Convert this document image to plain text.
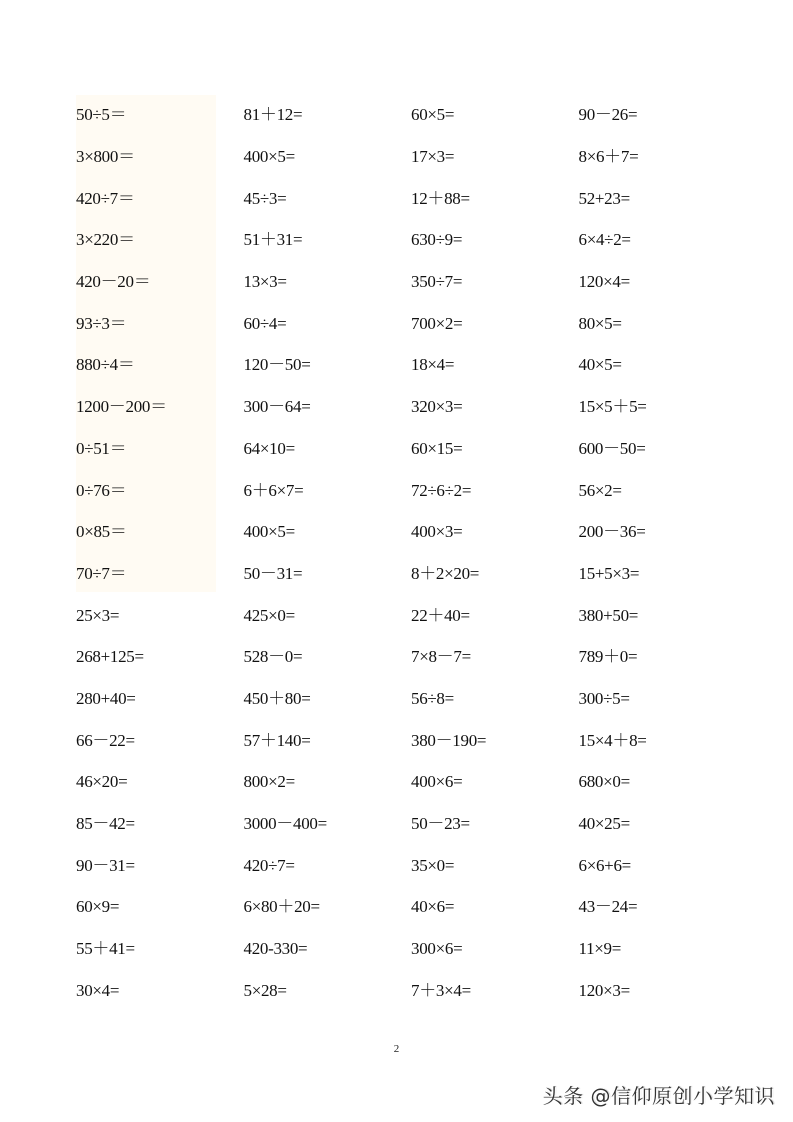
50÷5＝	81＋12=	60×5=	90－26=
3×800＝	400×5=	17×3=	8×6＋7=
420÷7＝	45÷3=	12＋88=	52+23=
3×220＝	51＋31=	630÷9=	6×4÷2=
420－20＝	13×3=	350÷7=	120×4=
93÷3＝	60÷4=	700×2=	80×5=
880÷4＝	120－50=	18×4=	40×5=
1200－200＝	300－64=	320×3=	15×5＋5=
0÷51＝	64×10=	60×15=	600－50=
0÷76＝	6＋6×7=	72÷6÷2=	56×2=
0×85＝	400×5=	400×3=	200－36=
70÷7＝	50－31=	8＋2×20=	15+5×3=
25×3=	425×0=	22＋40=	380+50=
268+125=	528－0=	7×8－7=	789＋0=
280+40=	450＋80=	56÷8=	300÷5=
66－22=	57＋140=	380－190=	15×4＋8=
46×20=	800×2=	400×6=	680×0=
85－42=	3000－400=	50－23=	40×25=
90－31=	420÷7=	35×0=	6×6+6=
60×9=	6×80＋20=	40×6=	43－24=
55＋41=	420-330=	300×6=	11×9=
30×4=	5×28=	7＋3×4=	120×3=
2
头条 @信仰原创小学知识
